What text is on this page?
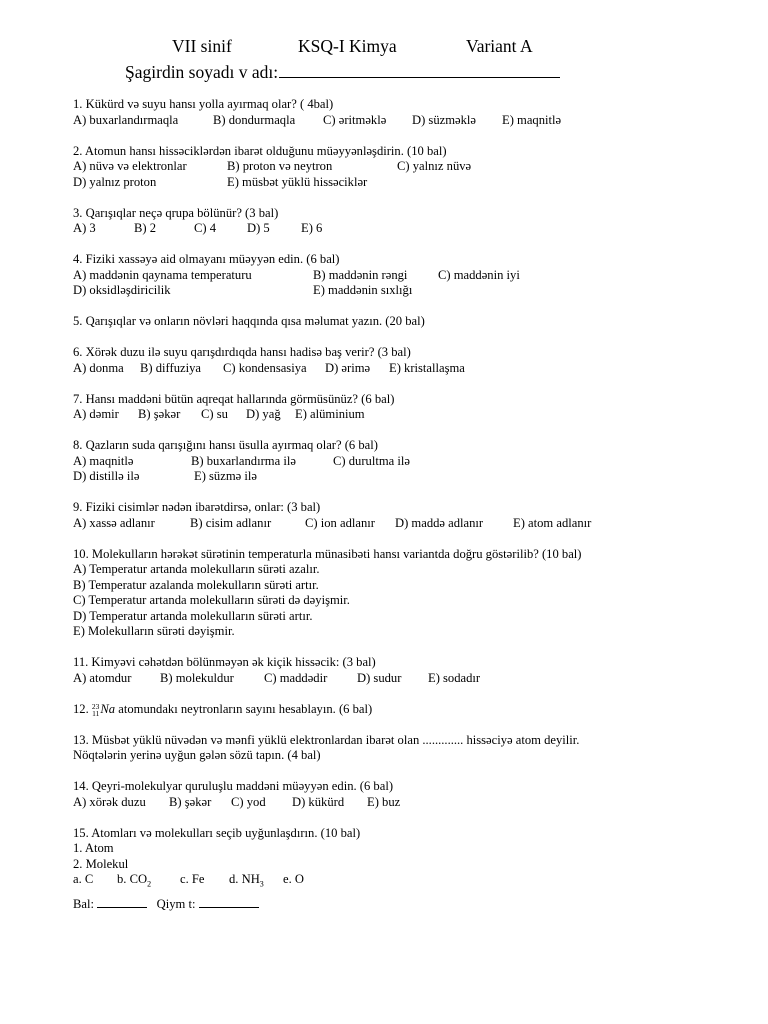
VII sinif	KSQ-I Kimya	Variant A
Şagirdin soyadı v adı:
1. Kükürd və suyu hansı yolla ayırmaq olar? ( 4bal)
A) buxarlandırmaqla	B) dondurmaqla C) əritməklə D) süzməklə E) maqnitlə
2. Atomun hansı hissəciklərdən ibarət olduğunu müəyyənləşdirin. (10 bal)
A) nüvə və elektronlar	B) proton və neytron	C) yalnız nüvə
D) yalnız proton	E) müsbət yüklü hissəciklər
3. Qarışıqlar neçə qrupa bölünür? (3 bal)
A) 3	B) 2	C) 4 D) 5 E) 6
4. Fiziki xassəyə aid olmayanı müəyyən edin. (6 bal)
A) maddənin qaynama temperaturu	B) maddənin rəngi C) maddənin iyi
D) oksidləşdiricilik	E) maddənin sıxlığı
5. Qarışıqlar və onların növləri haqqında qısa məlumat yazın. (20 bal)
6. Xörək duzu ilə suyu qarışdırdıqda hansı hadisə baş verir? (3 bal)
A) donma B) diffuziya C) kondensasiya D) ərimə E) kristallaşma
7. Hansı maddəni bütün aqreqat hallarında görmüsünüz? (6 bal)
A) dəmir B) şəkər C) su D) yağ E) alüminium
8. Qazların suda qarışığını hansı üsulla ayırmaq olar? (6 bal)
A) maqnitlə	B) buxarlandırma ilə	C) durultma ilə
D) distillə ilə	E) süzmə ilə
9. Fiziki cisimlər nədən ibarətdirsə, onlar: (3 bal)
A) xassə adlanır	B) cisim adlanır	C) ion adlanır D) maddə adlanır E) atom adlanır
10. Molekulların hərəkət sürətinin temperaturla münasibəti hansı variantda doğru göstərilib? (10 bal)
A) Temperatur artanda molekulların sürəti azalır.
B) Temperatur azalanda molekulların sürəti artır.
C) Temperatur artanda molekulların sürəti də dəyişmir.
D) Temperatur artanda molekulların sürəti artır.
E) Molekulların sürəti dəyişmir.
11. Kimyəvi cəhətdən bölünməyən ək kiçik hissəcik: (3 bal)
A) atomdur B) molekuldur C) maddədir D) sudur E) sodadır
12. 23
11 Na atomundakı neytronların sayını hesablayın. (6 bal)
13. Müsbət yüklü nüvədən və mənfi yüklü elektronlardan ibarət olan ............. hissəciyə atom deyilir.
Nöqtələrin yerinə uyğun gələn sözü tapın. (4 bal)
14. Qeyri-molekulyar quruluşlu maddəni müəyyən edin. (6 bal)
A) xörək duzu B) şəkər C) yod D) kükürd E) buz
15. Atomları və molekulları seçib uyğunlaşdırın. (10 bal)
1. Atom
2. Molekul
a. C b. $CO_2$ c. Fe d. $NH_3$ e. O
Bal:	Qiym t:
